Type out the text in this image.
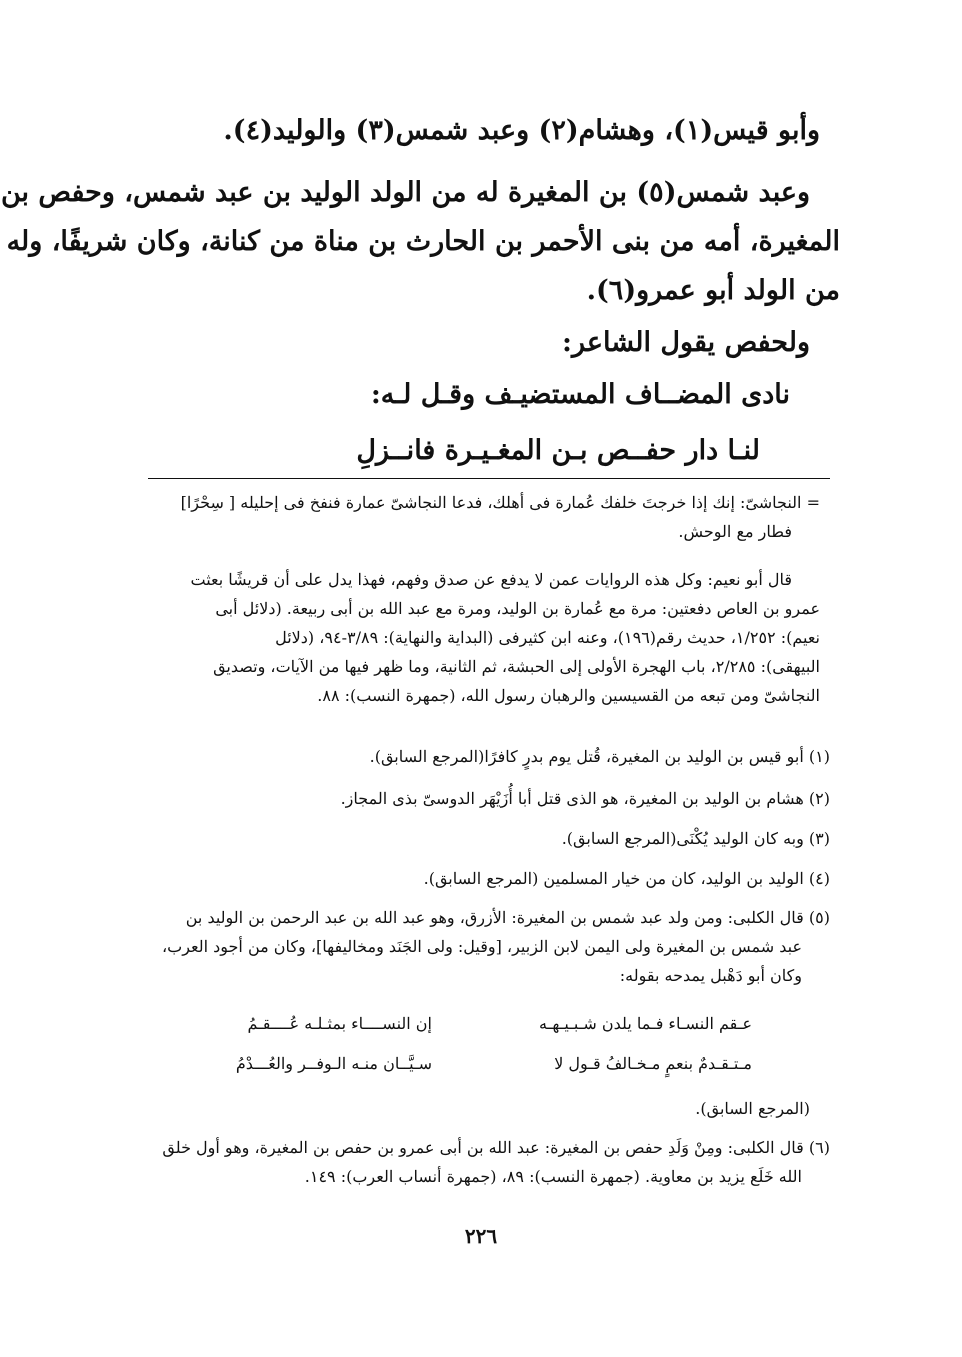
وأبو قيس(١)، وهشام(٢) وعبد شمس(٣) والوليد(٤).
وعبد شمس(٥) بن المغيرة له من الولد الوليد بن عبد شمس، وحفص بن
المغيرة، أمه من بنى الأحمر بن الحارث بن مناة من كنانة، وكان شريفًا، وله
من الولد أبو عمرو(٦).
ولحفص يقول الشاعر:
نادى المضــاف المستضيـف وقـل لـه:
لنـا دار حفــص بـن المغـيـرة فانــزلِ
= النجاشىّ: إنك إذا خرجتَ خلفك عُمارة فى أهلك، فدعا النجاشىّ عمارة فنفخ فى إحليله [ سِحْرًا]
فطار مع الوحش.
قال أبو نعيم: وكل هذه الروايات عمن لا يدفع عن صدق وفهم، فهذا يدل على أن قريشًا بعثت
عمرو بن العاص دفعتين: مرة مع عُمارة بن الوليد، ومرة مع عبد الله بن أبى ربيعة. (دلائل أبى
نعيم): ١/٢٥٢، حديث رقم(١٩٦)، وعنه ابن كثيرفى (البداية والنهاية): ٣/٨٩-٩٤، (دلائل
البيهقى): ٢/٢٨٥، باب الهجرة الأولى إلى الحبشة، ثم الثانية، وما ظهر فيها من الآيات، وتصديق
النجاشىّ ومن تبعه من القسيسين والرهبان رسول الله، (جمهرة النسب): ٨٨.
(١) أبو قيس بن الوليد بن المغيرة، قُتل يوم بدرٍ كافرًا(المرجع السابق).
(٢) هشام بن الوليد بن المغيرة، هو الذى قتل أبا أُزَيْهَر الدوسىّ بذى المجاز.
(٣) وبه كان الوليد يُكْنَى(المرجع السابق).
(٤) الوليد بن الوليد، كان من خيار المسلمين (المرجع السابق).
(٥) قال الكلبى: ومن ولد عبد شمس بن المغيرة: الأزرق، وهو عبد الله بن عبد الرحمن بن الوليد بن
عبد شمس بن المغيرة ولى اليمن لابن الزبير، [وقيل: ولى الجَنَد ومخاليفها]، وكان من أجود العرب،
وكان أبو دَهْبل يمدحه بقوله:
عـقم النسـاء فـما يلدن شـبـيـهـه
إن النســــاء بمثـلـه عُــــقـمُ
مـتـقـدمٌ بنعمٍ مـخـالفُ قـول لا
سـيَّــان منـه الـوفــر والعُـــدْمُ
(المرجع السابق).
(٦) قال الكلبى: ومِنْ وَلَدِ حفص بن المغيرة: عبد الله بن أبى عمرو بن حفص بن المغيرة، وهو أول خلق
الله خَلَع يزيد بن معاوية. (جمهرة النسب): ٨٩، (جمهرة أنساب العرب): ١٤٩.
٢٢٦
